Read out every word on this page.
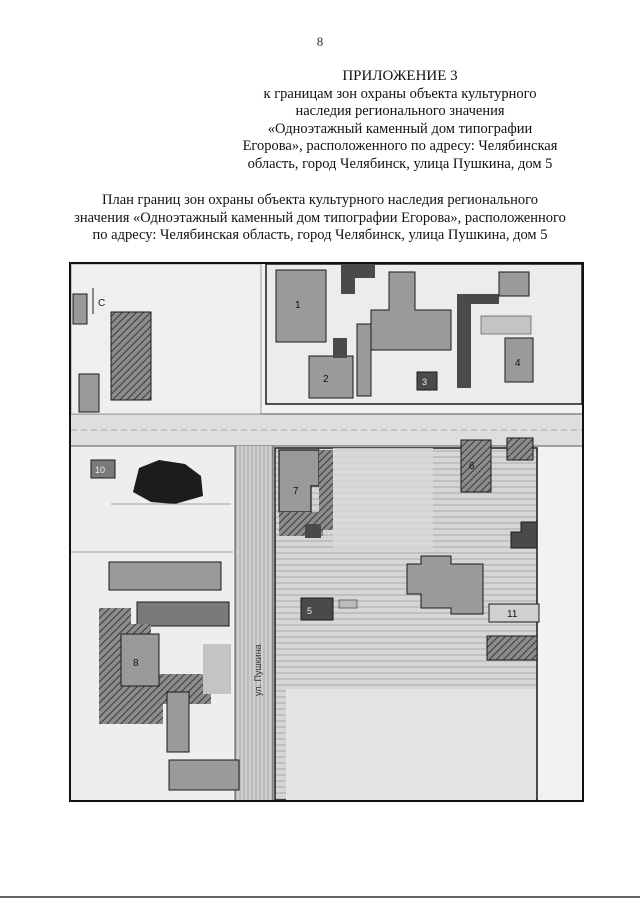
8
ПРИЛОЖЕНИЕ 3
к границам зон охраны объекта культурного
наследия регионального значения
«Одноэтажный каменный дом типографии
Егорова», расположенного по адресу: Челябинская
область, город Челябинск, улица Пушкина, дом 5
План границ зон охраны объекта культурного наследия регионального
значения «Одноэтажный каменный дом типографии Егорова», расположенного
по адресу: Челябинская область, город Челябинск, улица Пушкина, дом 5
С	1
2	3
4
6
11
7
5
10
8	ул. Пушкина
